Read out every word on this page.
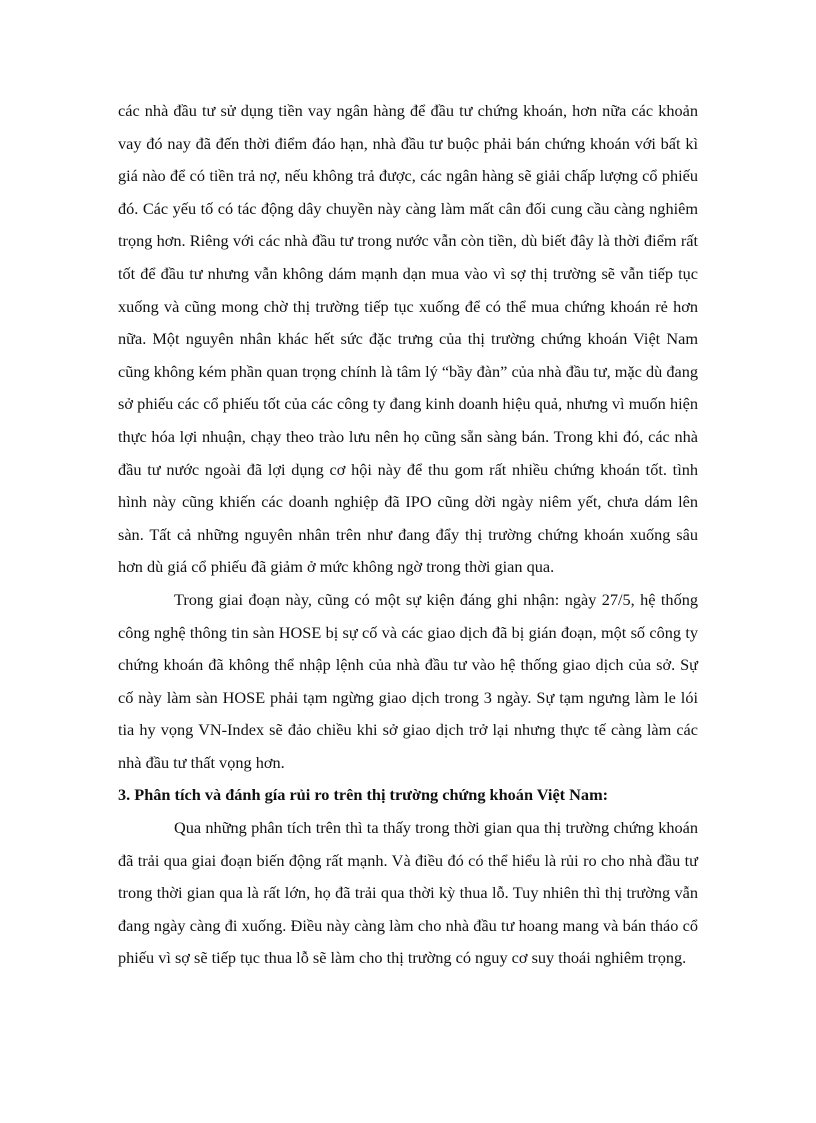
các nhà đầu tư sử dụng tiền vay ngân hàng để đầu tư chứng khoán, hơn nữa các khoản vay đó nay đã đến thời điểm đáo hạn, nhà đầu tư buộc phải bán chứng khoán với bất kì giá nào để có tiền trả nợ, nếu không trả được, các ngân hàng sẽ giải chấp lượng cổ phiếu đó. Các yếu tố có tác động dây chuyền này càng làm mất cân đối cung cầu càng nghiêm trọng hơn. Riêng với các nhà đầu tư trong nước vẫn còn tiền, dù biết đây là thời điểm rất tốt để đầu tư nhưng vẫn không dám mạnh dạn mua vào vì sợ thị trường sẽ vẫn tiếp tục xuống và cũng mong chờ thị trường tiếp tục xuống để có thể mua chứng khoán rẻ hơn nữa. Một nguyên nhân khác hết sức đặc trưng của thị trường chứng khoán Việt Nam cũng không kém phần quan trọng chính là tâm lý “bầy đàn” của nhà đầu tư, mặc dù đang sở phiếu các cổ phiếu tốt của các công ty đang kinh doanh hiệu quả, nhưng vì muốn hiện thực hóa lợi nhuận, chạy theo trào lưu nên họ cũng sẵn sàng bán. Trong khi đó, các nhà đầu tư nước ngoài đã lợi dụng cơ hội này để thu gom rất nhiều chứng khoán tốt. tình hình này cũng khiến các doanh nghiệp đã IPO cũng dời ngày niêm yết, chưa dám lên sàn. Tất cả những nguyên nhân trên như đang đẩy thị trường chứng khoán xuống sâu hơn dù giá cổ phiếu đã giảm ở mức không ngờ trong thời gian qua.

Trong giai đoạn này, cũng có một sự kiện đáng ghi nhận: ngày 27/5, hệ thống công nghệ thông tin sàn HOSE bị sự cố và các giao dịch đã bị gián đoạn, một số công ty chứng khoán đã không thể nhập lệnh của nhà đầu tư vào hệ thống giao dịch của sở. Sự cố này làm sàn HOSE phải tạm ngừng giao dịch trong 3 ngày. Sự tạm ngưng làm le lói tia hy vọng VN-Index sẽ đảo chiều khi sở giao dịch trở lại nhưng thực tế càng làm các nhà đầu tư thất vọng hơn.

3. Phân tích và đánh gía rủi ro trên thị trường chứng khoán Việt Nam:

Qua những phân tích trên thì ta thấy trong thời gian qua thị trường chứng khoán đã trải qua giai đoạn biến động rất mạnh. Và điều đó có thể hiểu là rủi ro cho nhà đầu tư trong thời gian qua là rất lớn, họ đã trải qua thời kỳ thua lỗ. Tuy nhiên thì thị trường vẫn đang ngày càng đi xuống. Điều này càng làm cho nhà đầu tư hoang mang và bán tháo cổ phiếu vì sợ sẽ tiếp tục thua lỗ sẽ làm cho thị trường có nguy cơ suy thoái nghiêm trọng.
